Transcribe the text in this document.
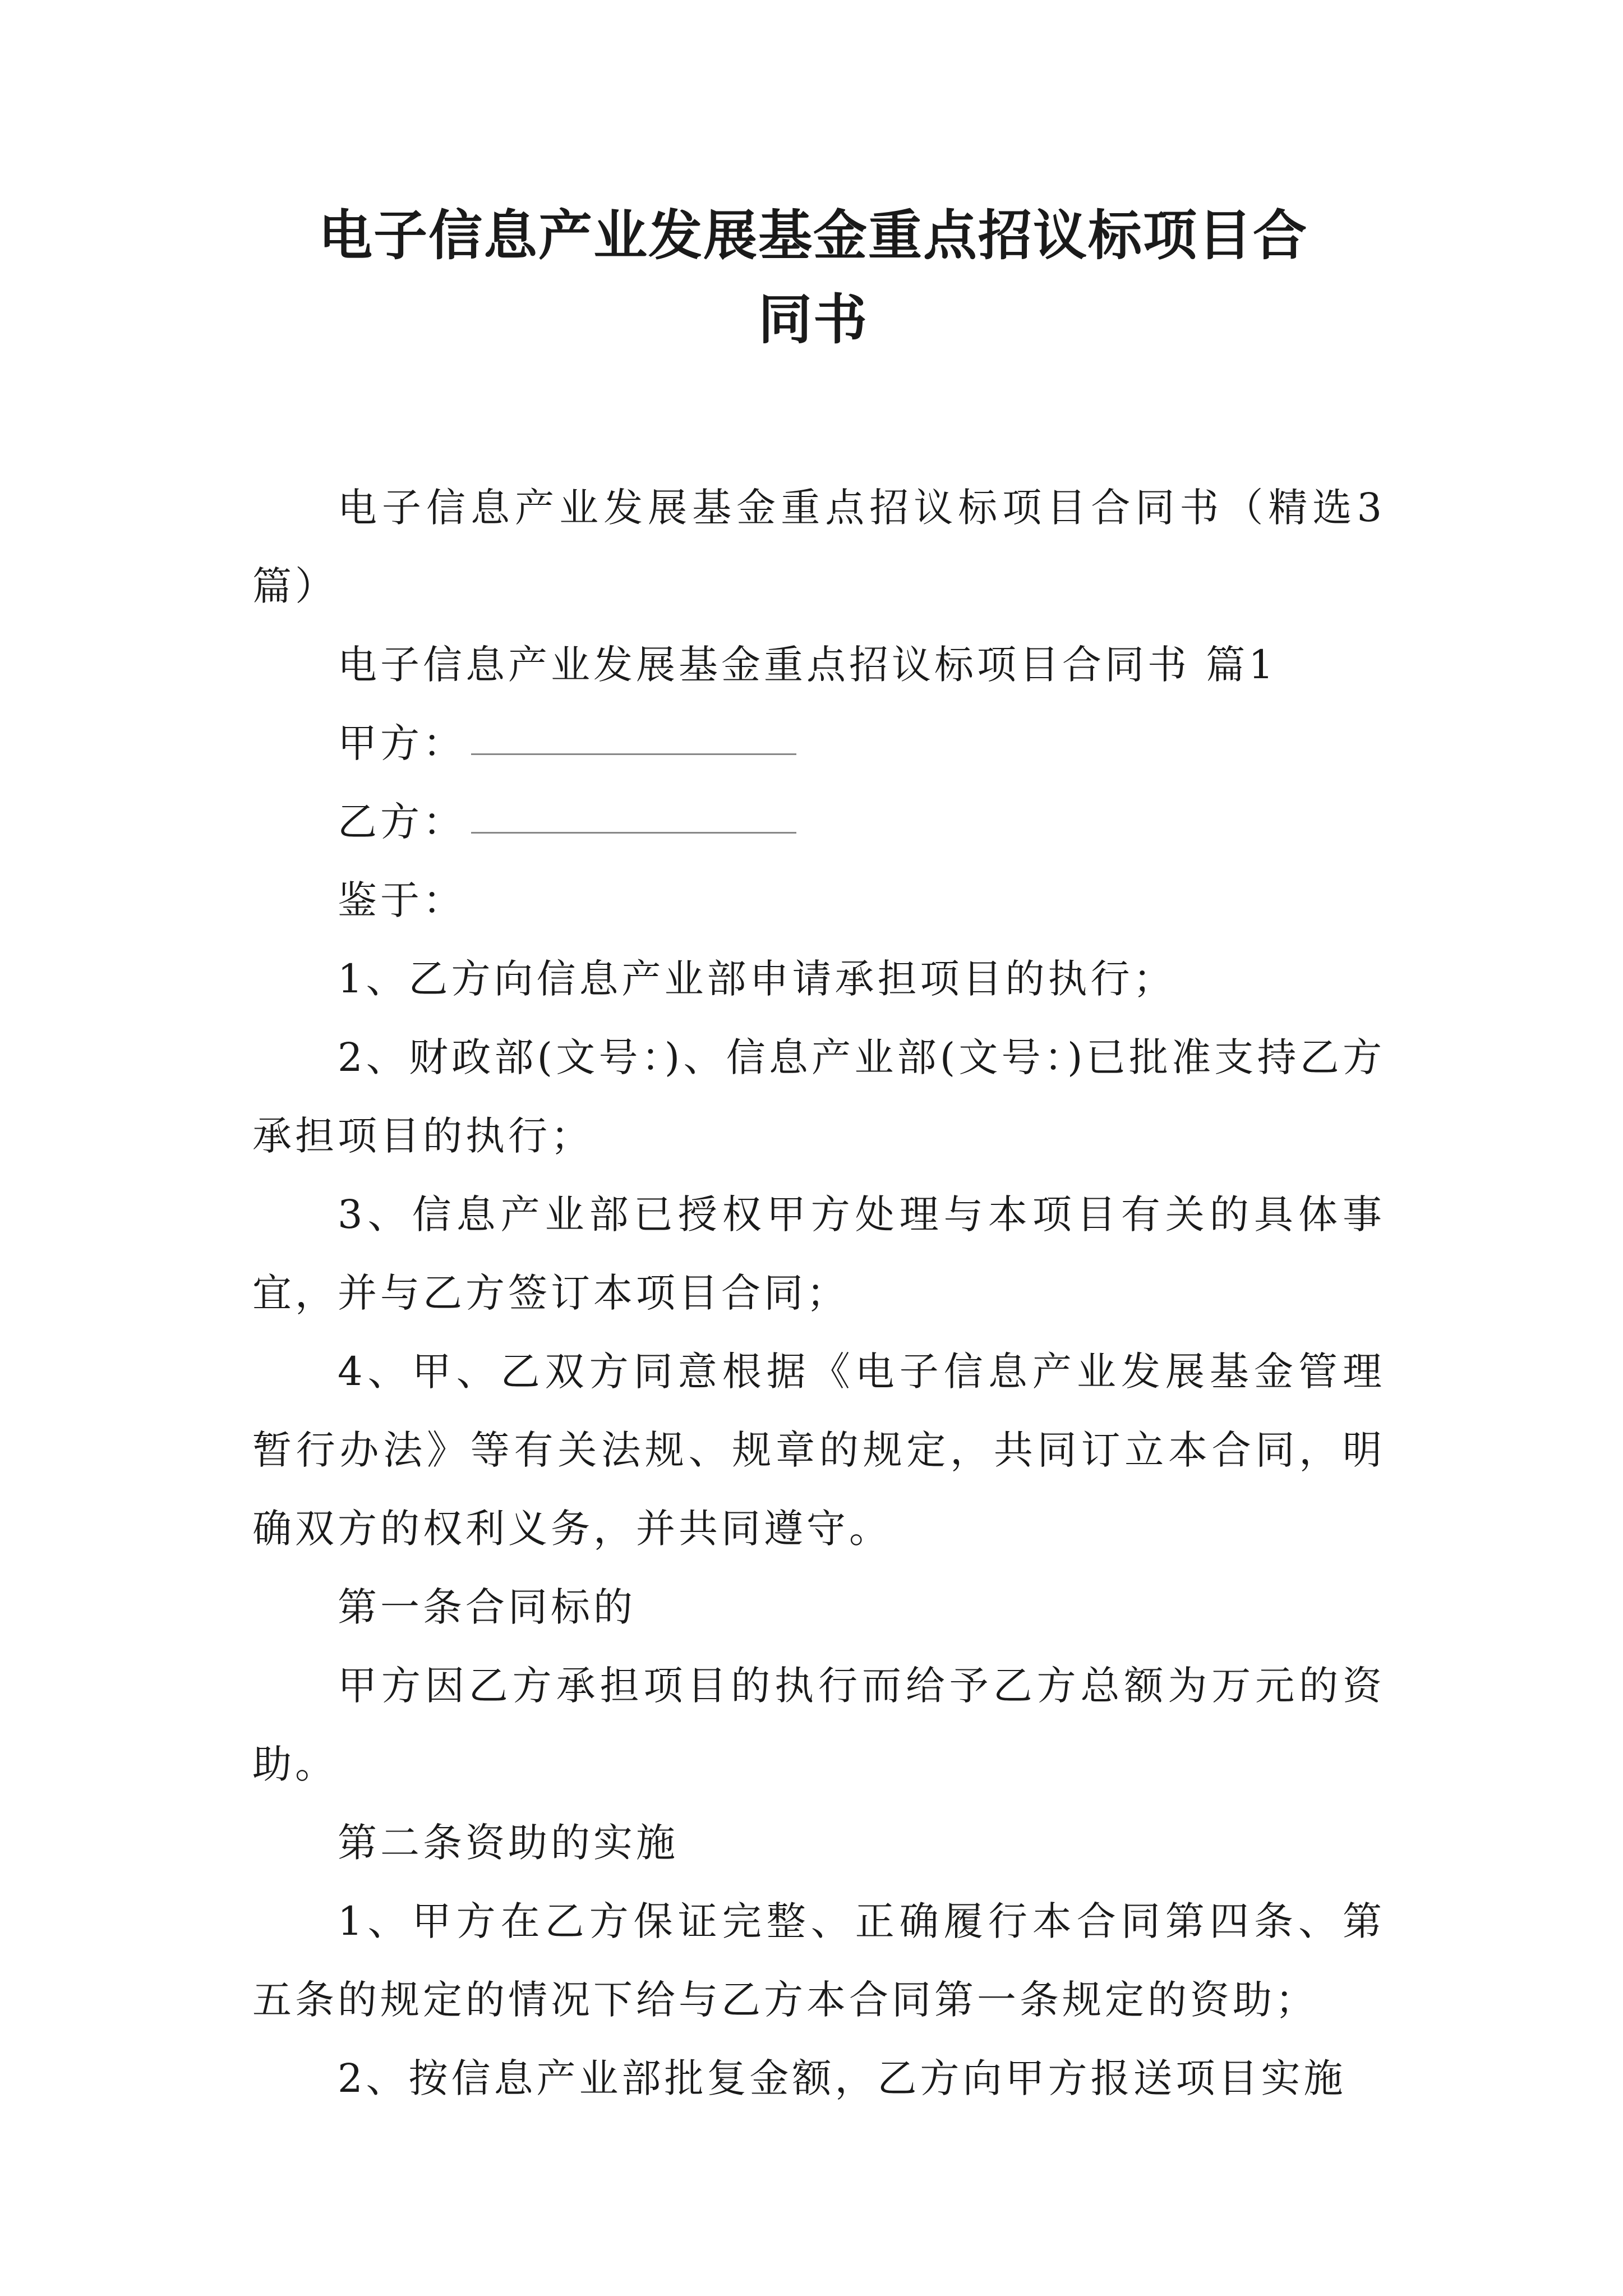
电子信息产业发展基金重点招议标项目合
同书

电子信息产业发展基金重点招议标项目合同书（精选3篇）

电子信息产业发展基金重点招议标项目合同书 篇1

甲方：

乙方：

鉴于：

1、乙方向信息产业部申请承担项目的执行；

2、财政部(文号：)、信息产业部(文号：)已批准支持乙方承担项目的执行；

3、信息产业部已授权甲方处理与本项目有关的具体事宜，并与乙方签订本项目合同；

4、甲、乙双方同意根据《电子信息产业发展基金管理暂行办法》等有关法规、规章的规定，共同订立本合同，明确双方的权利义务，并共同遵守。

第一条合同标的

甲方因乙方承担项目的执行而给予乙方总额为万元的资助。

第二条资助的实施

1、甲方在乙方保证完整、正确履行本合同第四条、第五条的规定的情况下给与乙方本合同第一条规定的资助；

2、按信息产业部批复金额，乙方向甲方报送项目实施
